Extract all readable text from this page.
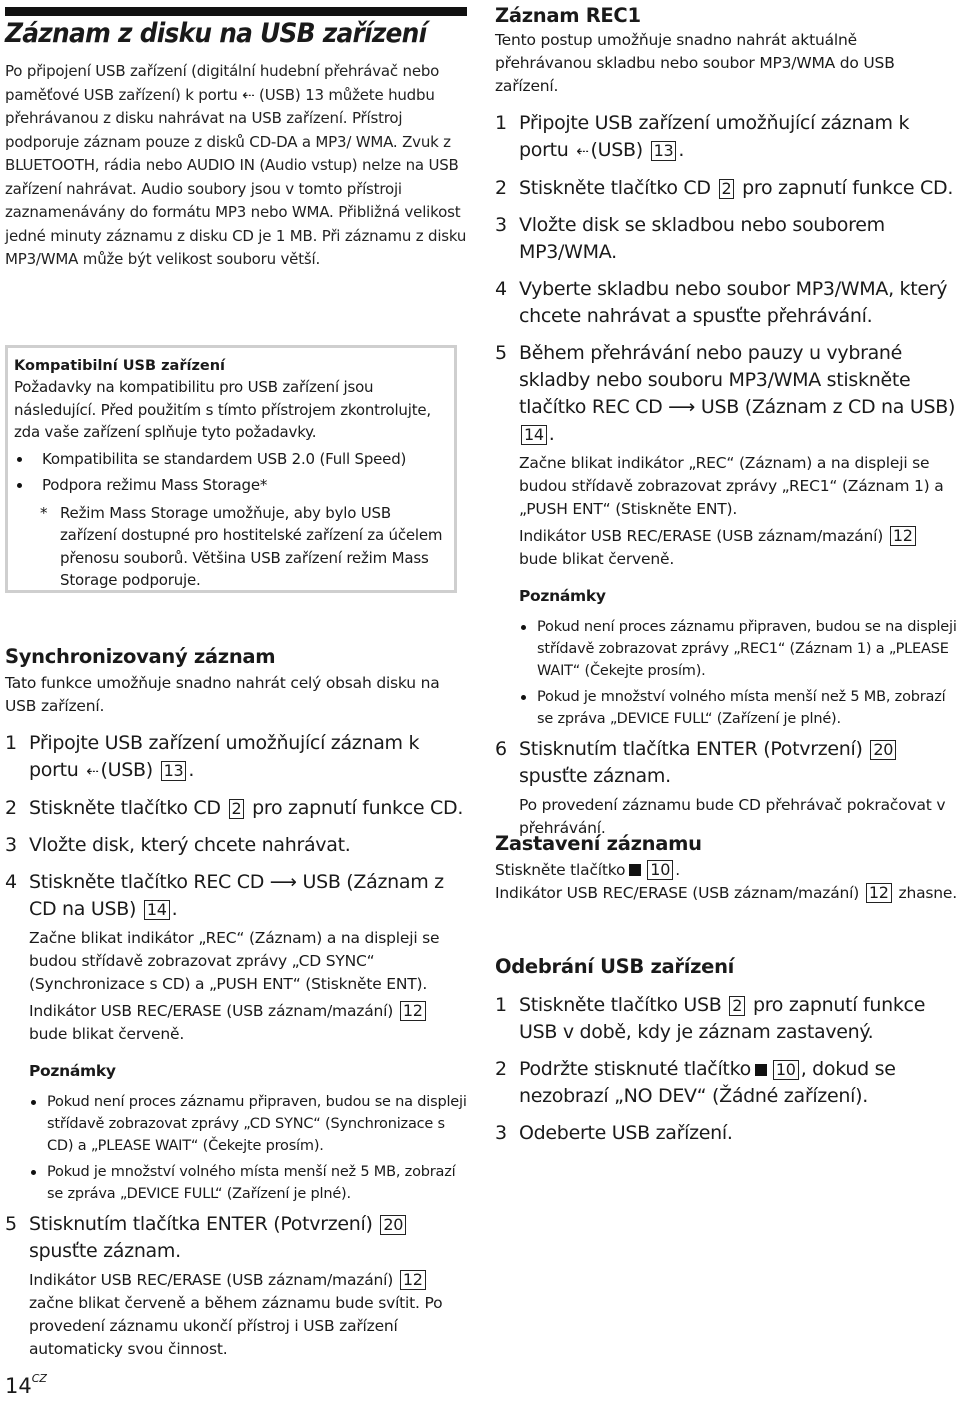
Záznam z disku na USB zařízení

Po připojení USB zařízení (digitální hudební přehrávač nebo paměťové USB zařízení) k portu ⇠ (USB) 13 můžete hudbu přehrávanou z disku nahrávat na USB zařízení. Přístroj podporuje záznam pouze z disků CD-DA a MP3/ WMA. Zvuk z BLUETOOTH, rádia nebo AUDIO IN (Audio vstup) nelze na USB zařízení nahrávat. Audio soubory jsou v tomto přístroji zaznamenávány do formátu MP3 nebo WMA. Přibližná velikost jedné minuty záznamu z disku CD je 1 MB. Při záznamu z disku MP3/WMA může být velikost souboru větší.

Kompatibilní USB zařízení

Požadavky na kompatibilitu pro USB zařízení jsou následující. Před použitím s tímto přístrojem zkontrolujte, zda vaše zařízení splňuje tyto požadavky.

Kompatibilita se standardem USB 2.0 (Full Speed)
Podpora režimu Mass Storage*
* Režim Mass Storage umožňuje, aby bylo USB zařízení dostupné pro hostitelské zařízení za účelem přenosu souborů. Většina USB zařízení režim Mass Storage podporuje.
Synchronizovaný záznam

Tato funkce umožňuje snadno nahrát celý obsah disku na USB zařízení.

1 Připojte USB zařízení umožňující záznam k portu ⇠ (USB) 13 .
2 Stiskněte tlačítko CD 2 pro zapnutí funkce CD.
3 Vložte disk, který chcete nahrávat.
4 Stiskněte tlačítko REC CD ⟶ USB (Záznam z CD na USB) 14 .
Začne blikat indikátor „REC“ (Záznam) a na displeji se budou střídavě zobrazovat zprávy „CD SYNC“ (Synchronizace s CD) a „PUSH ENT“ (Stiskněte ENT).
Indikátor USB REC/ERASE (USB záznam/mazání) 12 bude blikat červeně.
Poznámky
Pokud není proces záznamu připraven, budou se na displeji střídavě zobrazovat zprávy „CD SYNC“ (Synchronizace s CD) a „PLEASE WAIT“ (Čekejte prosím).
Pokud je množství volného místa menší než 5 MB, zobrazí se zpráva „DEVICE FULL“ (Zařízení je plné).
5 Stisknutím tlačítka ENTER (Potvrzení) 20 spusťte záznam.
Indikátor USB REC/ERASE (USB záznam/mazání) 12 začne blikat červeně a během záznamu bude svítit. Po provedení záznamu ukončí přístroj i USB zařízení automaticky svou činnost.
$14^{CZ}$
Záznam REC1

Tento postup umožňuje snadno nahrát aktuálně přehrávanou skladbu nebo soubor MP3/WMA do USB zařízení.

1 Připojte USB zařízení umožňující záznam k portu ⇠ (USB) 13 .
2 Stiskněte tlačítko CD 2 pro zapnutí funkce CD.
3 Vložte disk se skladbou nebo souborem MP3/WMA.
4 Vyberte skladbu nebo soubor MP3/WMA, který chcete nahrávat a spusťte přehrávání.
5 Během přehrávání nebo pauzy u vybrané skladby nebo souboru MP3/WMA stiskněte tlačítko REC CD ⟶ USB (Záznam z CD na USB) 14 .
Začne blikat indikátor „REC“ (Záznam) a na displeji se budou střídavě zobrazovat zprávy „REC1“ (Záznam 1) a „PUSH ENT“ (Stiskněte ENT).
Indikátor USB REC/ERASE (USB záznam/mazání) 12 bude blikat červeně.
Poznámky
Pokud není proces záznamu připraven, budou se na displeji střídavě zobrazovat zprávy „REC1“ (Záznam 1) a „PLEASE WAIT“ (Čekejte prosím).
Pokud je množství volného místa menší než 5 MB, zobrazí se zpráva „DEVICE FULL“ (Zařízení je plné).
6 Stisknutím tlačítka ENTER (Potvrzení) 20 spusťte záznam.
Po provedení záznamu bude CD přehrávač pokračovat v přehrávání.
Zastavení záznamu

Stiskněte tlačítko 10 .

Indikátor USB REC/ERASE (USB záznam/mazání) 12 zhasne.

Odebrání USB zařízení
1 Stiskněte tlačítko USB 2 pro zapnutí funkce USB v době, kdy je záznam zastavený.
2 Podržte stisknuté tlačítko 10 , dokud se nezobrazí „NO DEV“ (Žádné zařízení).
3 Odeberte USB zařízení.
